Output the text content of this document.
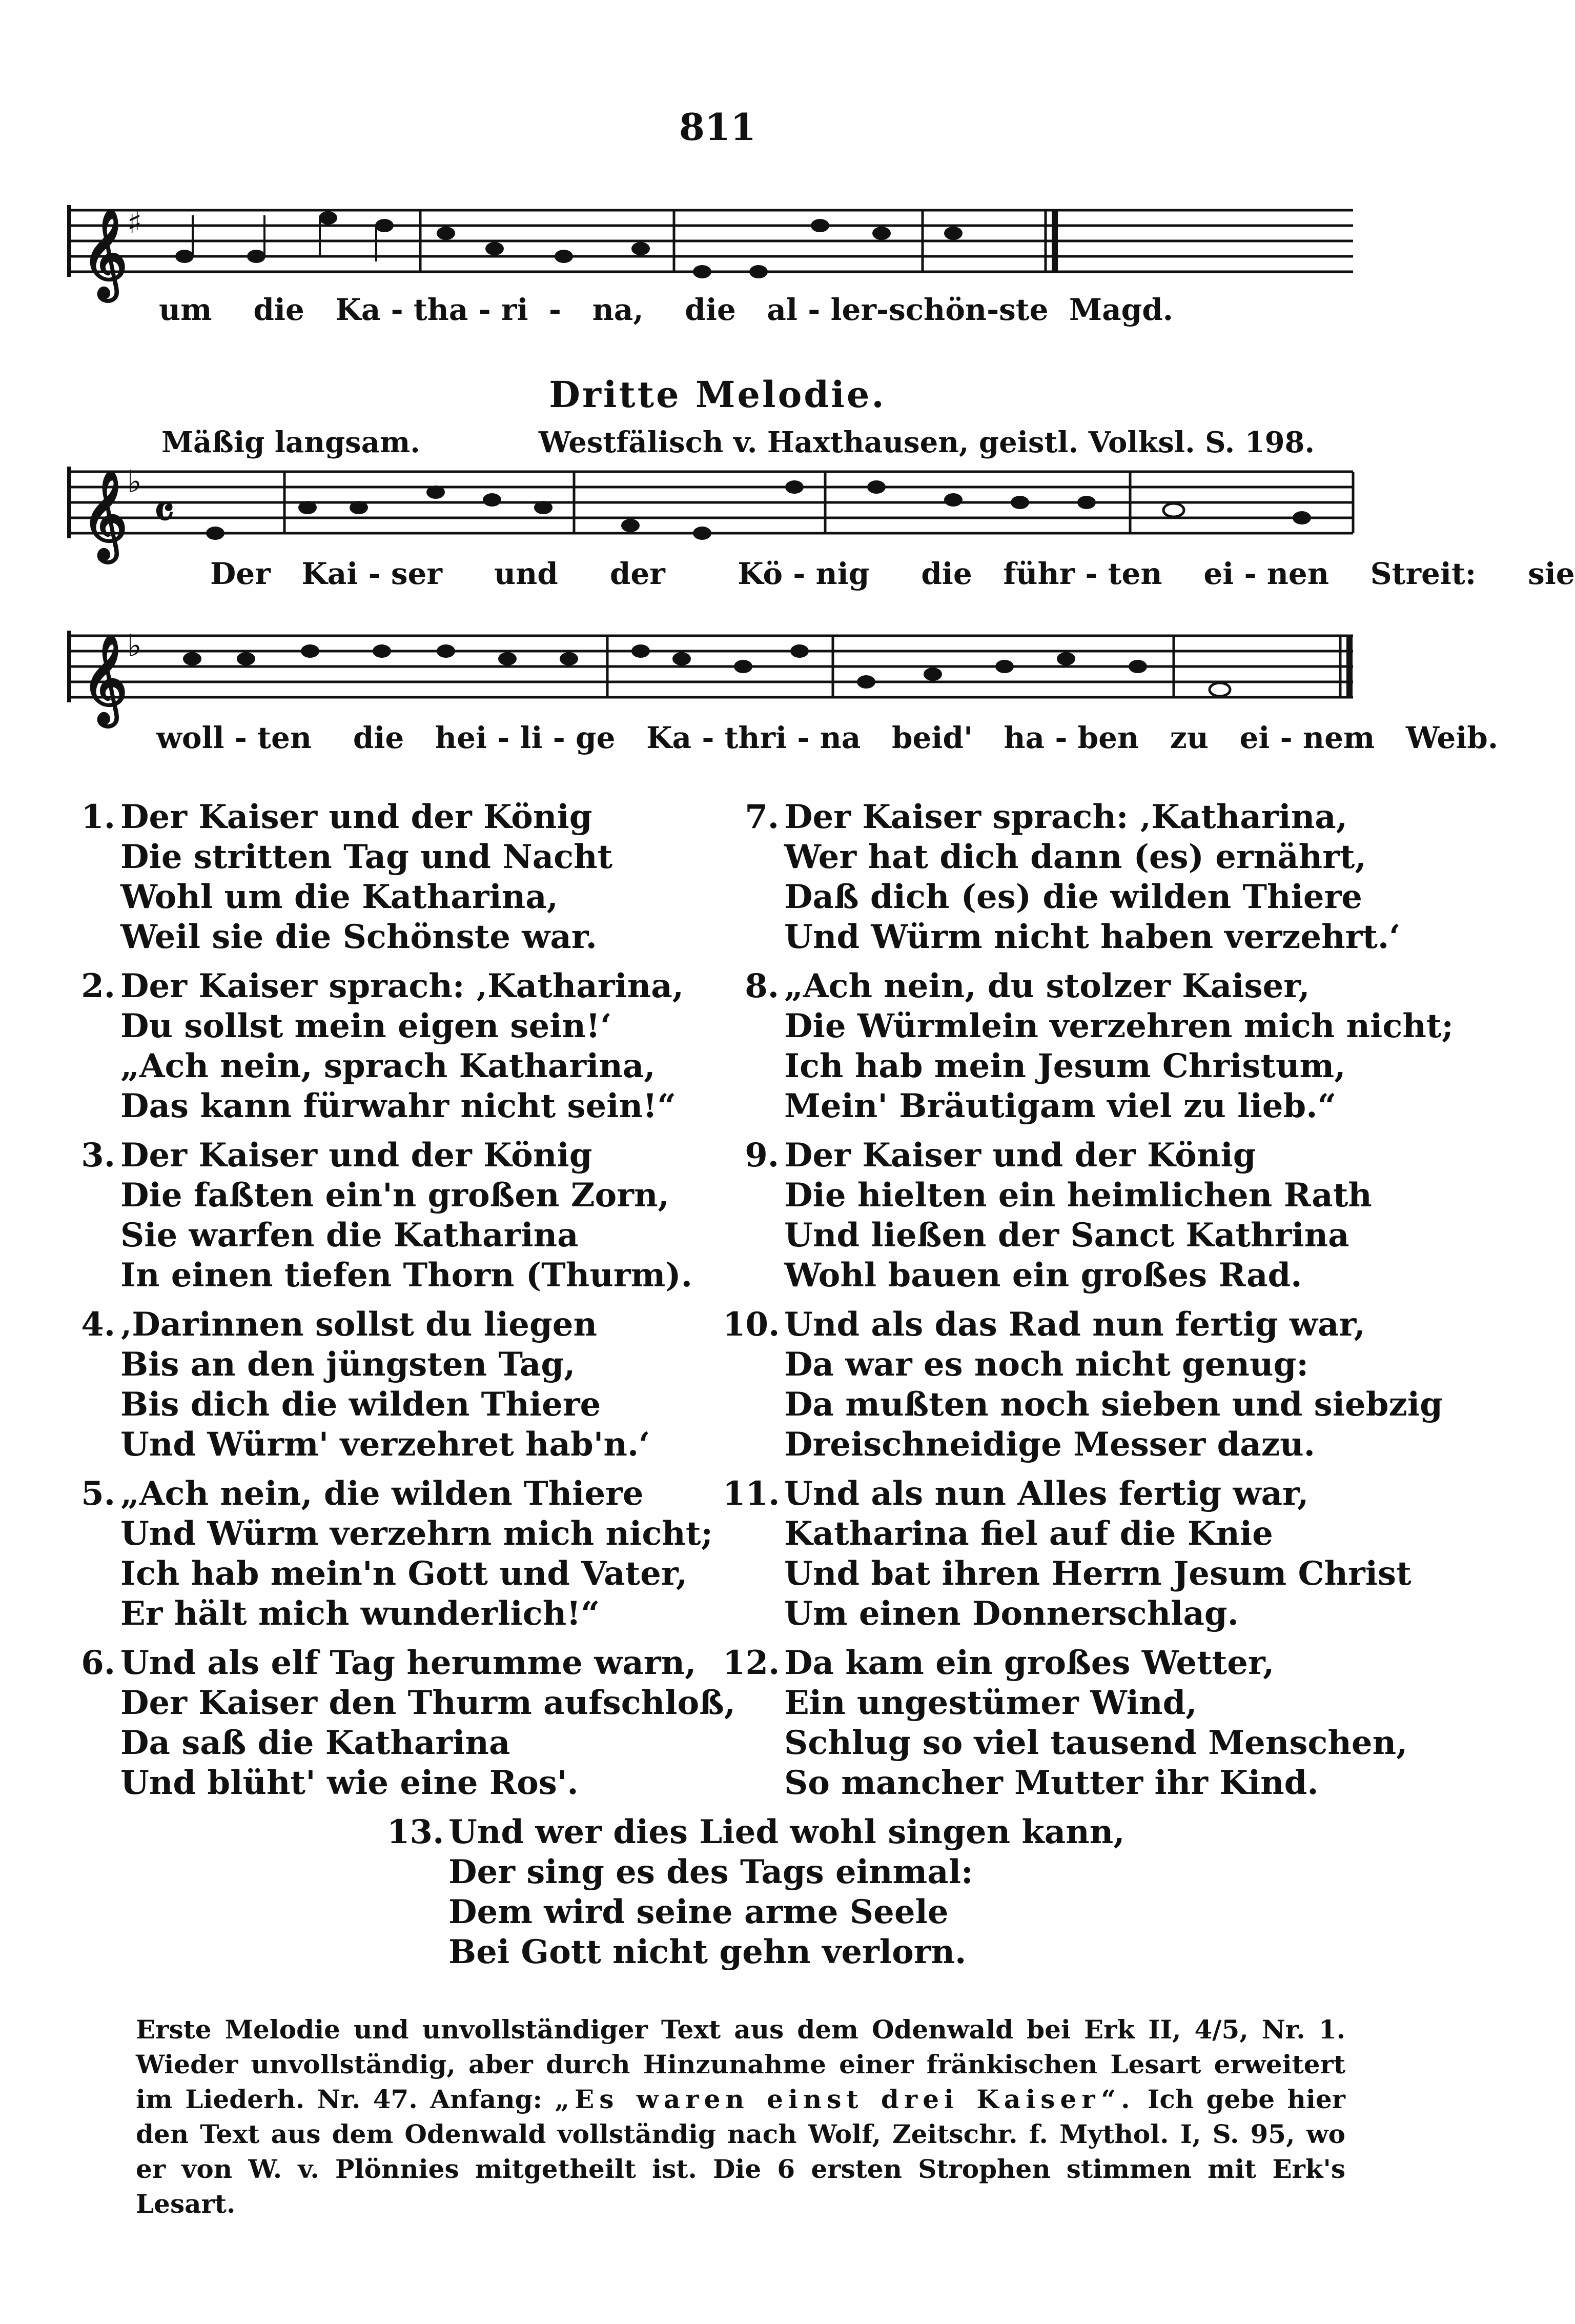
811
𝄞 ♯
𝄞 ♭
𝄴
𝄞 ♭
um die Ka - tha - ri - na, die al - ler-schön-ste Magd.
Dritte Melodie.
Mäßig langsam.	Westfälisch v. Haxthausen, geistl. Volksl. S. 198.
Der Kai - ser und der Kö - nig die führ - ten ei - nen Streit: sie
woll - ten die hei - li - ge Ka - thri - na beid' ha - ben zu ei - nem Weib.
1. Der Kaiser und der König
Die stritten Tag und Nacht
Wohl um die Katharina,
Weil sie die Schönste war.
2. Der Kaiser sprach: ‚Katharina,
Du sollst mein eigen sein!‘
„Ach nein, sprach Katharina,
Das kann fürwahr nicht sein!“
3. Der Kaiser und der König
Die faßten ein'n großen Zorn,
Sie warfen die Katharina
In einen tiefen Thorn (Thurm).
4. ‚Darinnen sollst du liegen
Bis an den jüngsten Tag,
Bis dich die wilden Thiere
Und Würm' verzehret hab'n.‘
5. „Ach nein, die wilden Thiere
Und Würm verzehrn mich nicht;
Ich hab mein'n Gott und Vater,
Er hält mich wunderlich!“
6. Und als elf Tag herumme warn,
Der Kaiser den Thurm aufschloß,
Da saß die Katharina
Und blüht' wie eine Ros'.
7. Der Kaiser sprach: ‚Katharina,
Wer hat dich dann (es) ernährt,
Daß dich (es) die wilden Thiere
Und Würm nicht haben verzehrt.‘
8. „Ach nein, du stolzer Kaiser,
Die Würmlein verzehren mich nicht;
Ich hab mein Jesum Christum,
Mein' Bräutigam viel zu lieb.“
9. Der Kaiser und der König
Die hielten ein heimlichen Rath
Und ließen der Sanct Kathrina
Wohl bauen ein großes Rad.
10. Und als das Rad nun fertig war,
Da war es noch nicht genug:
Da mußten noch sieben und siebzig
Dreischneidige Messer dazu.
11. Und als nun Alles fertig war,
Katharina fiel auf die Knie
Und bat ihren Herrn Jesum Christ
Um einen Donnerschlag.
12. Da kam ein großes Wetter,
Ein ungestümer Wind,
Schlug so viel tausend Menschen,
So mancher Mutter ihr Kind.
13. Und wer dies Lied wohl singen kann,
Der sing es des Tags einmal:
Dem wird seine arme Seele
Bei Gott nicht gehn verlorn.
Erste Melodie und unvollständiger Text aus dem Odenwald bei Erk II, 4/5, Nr. 1. Wieder unvollständig, aber durch Hinzunahme einer fränkischen Lesart erweitert im Liederh. Nr. 47. Anfang: „Es waren einst drei Kaiser“. Ich gebe hier den Text aus dem Odenwald vollständig nach Wolf, Zeitschr. f. Mythol. I, S. 95, wo er von W. v. Plönnies mitgetheilt ist. Die 6 ersten Strophen stimmen mit Erk's Lesart.
